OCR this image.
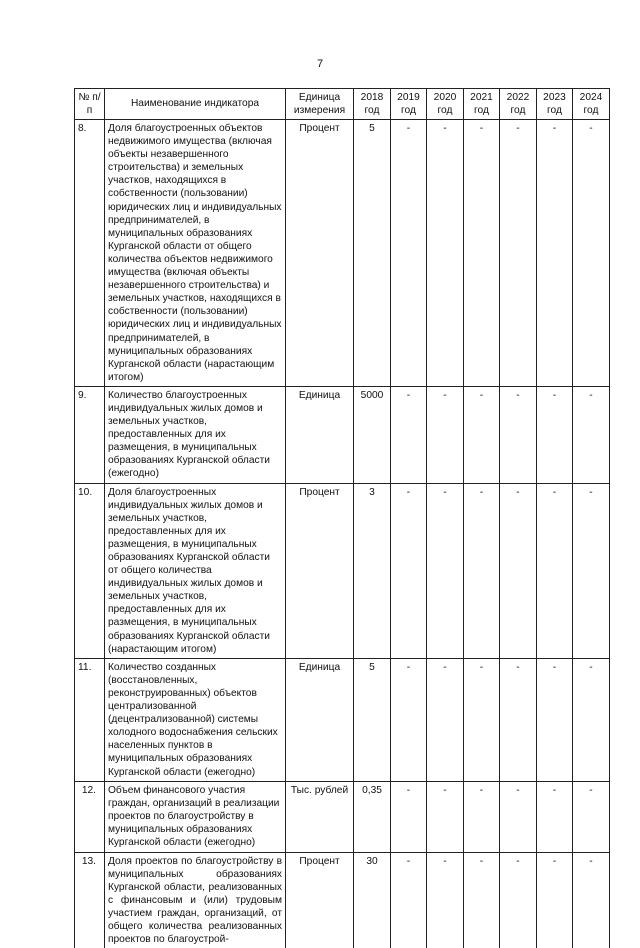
7
№ п/п	Наименование индикатора	Единица измерения	2018 год	2019 год	2020 год	2021 год	2022 год	2023 год	2024 год
8.	Доля благоустроенных объектов недвижимого имущества (включая объекты незавершенного строительства) и земельных участков, находящихся в собственности (пользовании) юридических лиц и индивидуальных предпринимателей, в муниципальных образованиях Курганской области от общего количества объектов недвижимого имущества (включая объекты незавершенного строительства) и земельных участков, находящихся в собственности (пользовании) юридических лиц и индивидуальных предпринимателей, в муниципальных образованиях Курганской области (нарастающим итогом)	Процент	5	-	-	-	-	-	-
9.	Количество благоустроенных индивидуальных жилых домов и земельных участков, предоставленных для их размещения, в муниципальных образованиях Курганской области (ежегодно)	Единица	5000	-	-	-	-	-	-
10.	Доля благоустроенных индивидуальных жилых домов и земельных участков, предоставленных для их размещения, в муниципальных образованиях Курганской области от общего количества индивидуальных жилых домов и земельных участков, предоставленных для их размещения, в муниципальных образованиях Курганской области (нарастающим итогом)	Процент	3	-	-	-	-	-	-
11.	Количество созданных (восстановленных, реконструированных) объектов централизованной (децентрализованной) системы холодного водоснабжения сельских населенных пунктов в муниципальных образованиях Курганской области (ежегодно)	Единица	5	-	-	-	-	-	-
12.	Объем финансового участия граждан, организаций в реализации проектов по благоустройству в муниципальных образованиях Курганской области (ежегодно)	Тыс. рублей	0,35	-	-	-	-	-	-
13.	Доля проектов по благоустройству в муниципальных образованиях Курганской области, реализованных с финансовым и (или) трудовым участием граждан, организаций, от общего количества реализованных проектов по благоустрой-	Процент	30	-	-	-	-	-	-
